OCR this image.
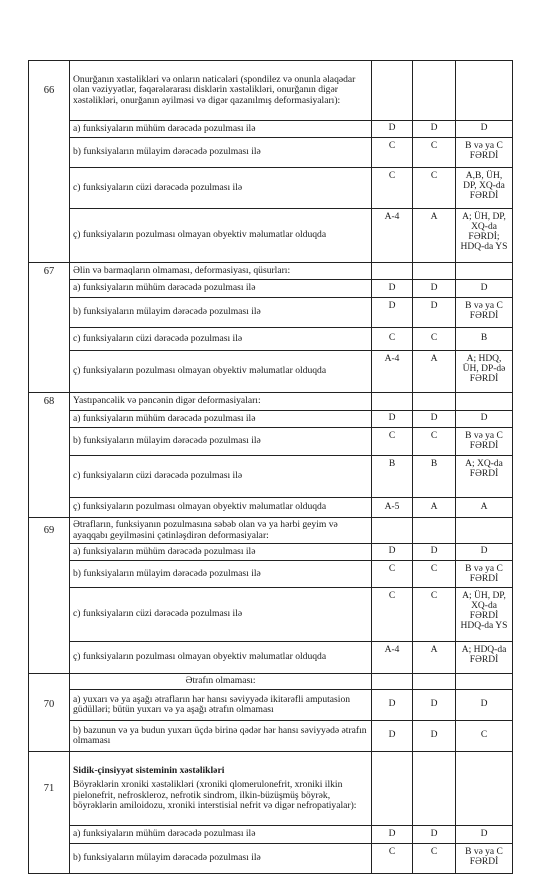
66	Onurğanın xəstəlikləri və onların nəticələri (spondilez və onunla əlaqədar olan vəziyyətlər, fəqərələrarası disklərin xəstəlikləri, onurğanın digər xəstəlikləri, onurğanın əyilməsi və digər qazanılmış deformasiyaları):			
	a) funksiyaların mühüm dərəcədə pozulması ilə	D	D	D
	b) funksiyaların mülayim dərəcədə pozulması ilə	C	C	B və ya C FƏRDİ
	c) funksiyaların cüzi dərəcədə pozulması ilə	C	C	A,B, ÜH, DP, XQ-da FƏRDİ
	ç) funksiyaların pozulması olmayan obyektiv məlumatlar olduqda	A-4	A	A; ÜH, DP, XQ-da FƏRDİ; HDQ-da YS
67	Əlin və barmaqların olmaması, deformasiyası, qüsurları:			
	a) funksiyaların mühüm dərəcədə pozulması ilə	D	D	D
	b) funksiyaların mülayim dərəcədə pozulması ilə	D	D	B və ya C FƏRDİ
	c) funksiyaların cüzi dərəcədə pozulması ilə	C	C	B
	ç) funksiyaların pozulması olmayan obyektiv məlumatlar olduqda	A-4	A	A; HDQ, ÜH, DP-də FƏRDİ
68	Yastıpəncəlik və pəncənin digər deformasiyaları:			
	a) funksiyaların mühüm dərəcədə pozulması ilə	D	D	D
	b) funksiyaların mülayim dərəcədə pozulması ilə	C	C	B və ya C FƏRDİ
	c) funksiyaların cüzi dərəcədə pozulması ilə	B	B	A; XQ-da FƏRDİ
	ç) funksiyaların pozulması olmayan obyektiv məlumatlar olduqda	A-5	A	A
69	Ətrafların, funksiyanın pozulmasına səbəb olan və ya hərbi geyim və ayaqqabı geyilməsini çətinləşdirən deformasiyalar:			
	a) funksiyaların mühüm dərəcədə pozulması ilə	D	D	D
	b) funksiyaların mülayim dərəcədə pozulması ilə	C	C	B və ya C FƏRDİ
	c) funksiyaların cüzi dərəcədə pozulması ilə	C	C	A; ÜH, DP, XQ-da FƏRDİ HDQ-da YS
	ç) funksiyaların pozulması olmayan obyektiv məlumatlar olduqda	A-4	A	A; HDQ-da FƏRDİ
	Ətrafın olmaması:			
70	a) yuxarı və ya aşağı ətrafların hər hansı səviyyədə ikitərəfli amputasion güdülləri; bütün yuxarı və ya aşağı ətrafın olmaması	D	D	D
	b) bazunun və ya budun yuxarı üçdə birinə qədər hər hansı səviyyədə ətrafın olmaması	D	D	C
71	Sidik-çinsiyyət sisteminin xəstəlikləri
Böyrəklərin xroniki xəstəlikləri (xroniki qlomerulonefrit, xroniki ilkin pielonefrit, nefroskleroz, nefrotik sindrom, ilkin-büzüşmüş böyrək, böyrəklərin amiloidozu, xroniki interstisial nefrit və digər nefropatiyalar):			

	a) funksiyaların mühüm dərəcədə pozulması ilə	D	D	D
	b) funksiyaların mülayim dərəcədə pozulması ilə	C	C	B və ya C FƏRDİ
